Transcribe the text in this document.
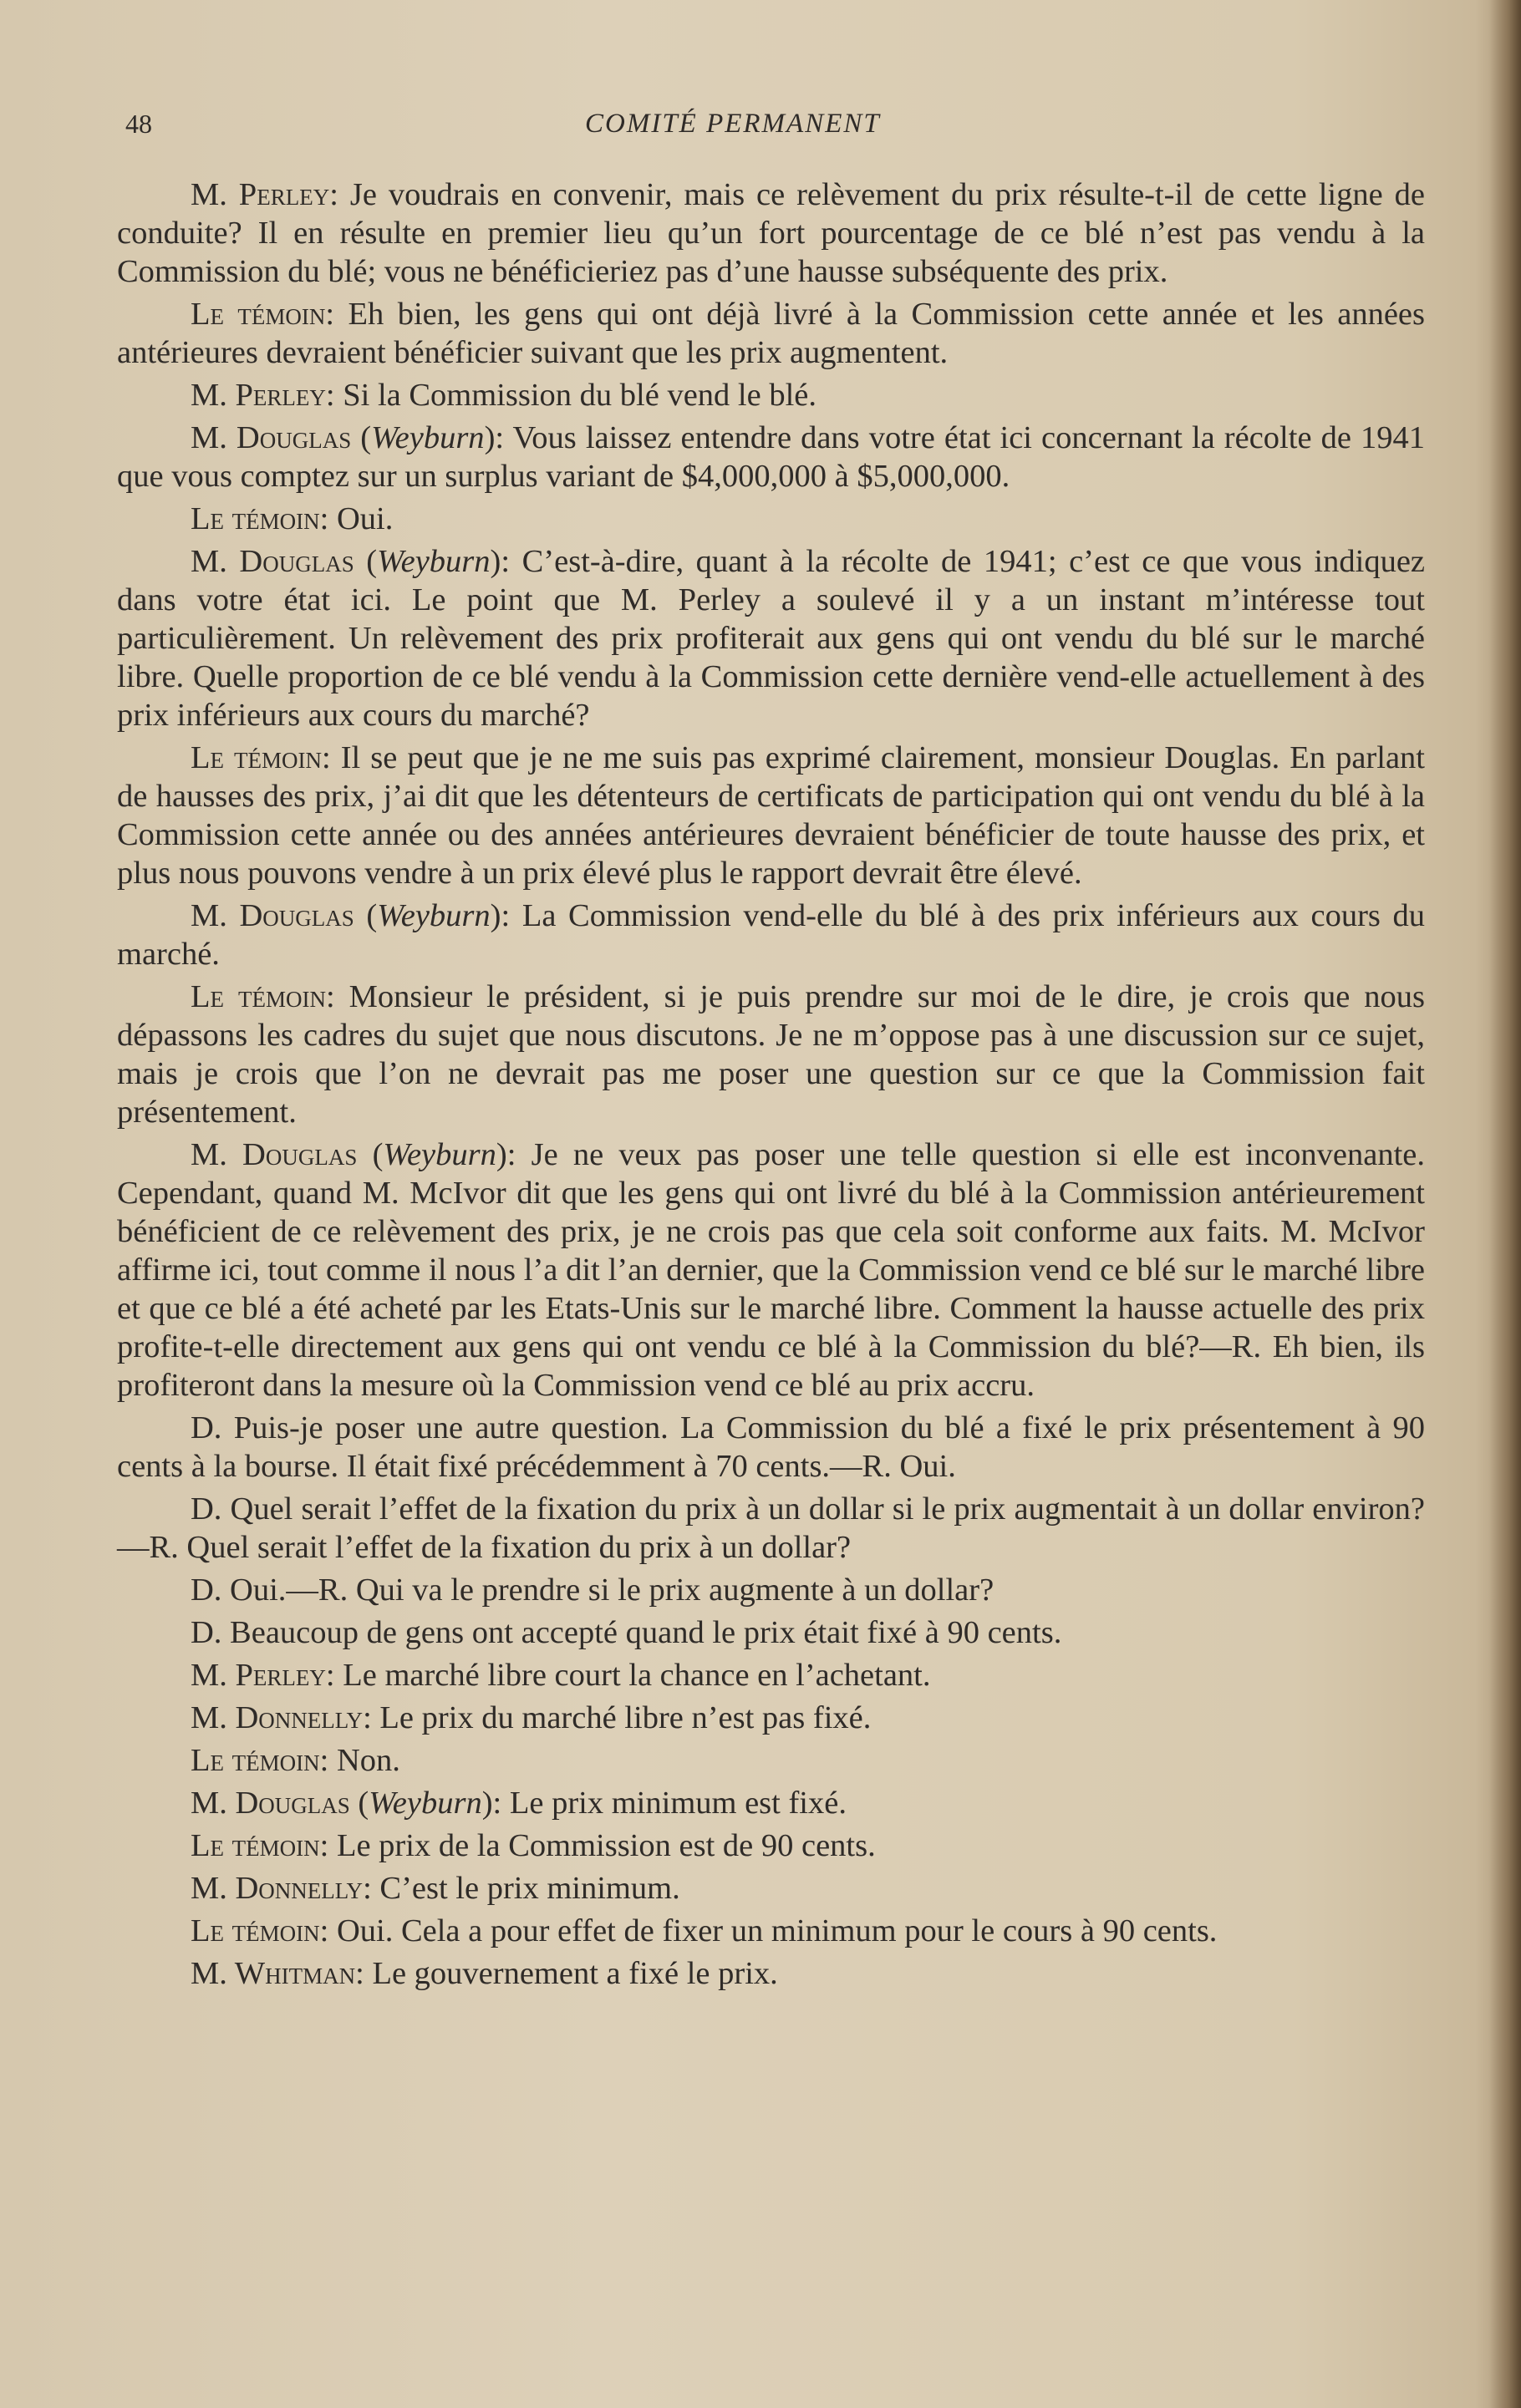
48	COMITÉ PERMANENT

M. Perley: Je voudrais en convenir, mais ce relèvement du prix résulte-t-il de cette ligne de conduite? Il en résulte en premier lieu qu’un fort pourcentage de ce blé n’est pas vendu à la Commission du blé; vous ne bénéficieriez pas d’une hausse subséquente des prix.

Le témoin: Eh bien, les gens qui ont déjà livré à la Commission cette année et les années antérieures devraient bénéficier suivant que les prix augmentent.

M. Perley: Si la Commission du blé vend le blé.

M. Douglas (Weyburn): Vous laissez entendre dans votre état ici concernant la récolte de 1941 que vous comptez sur un surplus variant de $4,000,000 à $5,000,000.

Le témoin: Oui.

M. Douglas (Weyburn): C’est-à-dire, quant à la récolte de 1941; c’est ce que vous indiquez dans votre état ici. Le point que M. Perley a soulevé il y a un instant m’intéresse tout particulièrement. Un relèvement des prix profiterait aux gens qui ont vendu du blé sur le marché libre. Quelle proportion de ce blé vendu à la Commission cette dernière vend-elle actuellement à des prix inférieurs aux cours du marché?

Le témoin: Il se peut que je ne me suis pas exprimé clairement, monsieur Douglas. En parlant de hausses des prix, j’ai dit que les détenteurs de certificats de participation qui ont vendu du blé à la Commission cette année ou des années antérieures devraient bénéficier de toute hausse des prix, et plus nous pouvons vendre à un prix élevé plus le rapport devrait être élevé.

M. Douglas (Weyburn): La Commission vend-elle du blé à des prix inférieurs aux cours du marché.

Le témoin: Monsieur le président, si je puis prendre sur moi de le dire, je crois que nous dépassons les cadres du sujet que nous discutons. Je ne m’oppose pas à une discussion sur ce sujet, mais je crois que l’on ne devrait pas me poser une question sur ce que la Commission fait présentement.

M. Douglas (Weyburn): Je ne veux pas poser une telle question si elle est inconvenante. Cependant, quand M. McIvor dit que les gens qui ont livré du blé à la Commission antérieurement bénéficient de ce relèvement des prix, je ne crois pas que cela soit conforme aux faits. M. McIvor affirme ici, tout comme il nous l’a dit l’an dernier, que la Commission vend ce blé sur le marché libre et que ce blé a été acheté par les Etats-Unis sur le marché libre. Comment la hausse actuelle des prix profite-t-elle directement aux gens qui ont vendu ce blé à la Commission du blé?—R. Eh bien, ils profiteront dans la mesure où la Commission vend ce blé au prix accru.

D. Puis-je poser une autre question. La Commission du blé a fixé le prix présentement à 90 cents à la bourse. Il était fixé précédemment à 70 cents.—R. Oui.

D. Quel serait l’effet de la fixation du prix à un dollar si le prix augmentait à un dollar environ?—R. Quel serait l’effet de la fixation du prix à un dollar?

D. Oui.—R. Qui va le prendre si le prix augmente à un dollar?

D. Beaucoup de gens ont accepté quand le prix était fixé à 90 cents.

M. Perley: Le marché libre court la chance en l’achetant.

M. Donnelly: Le prix du marché libre n’est pas fixé.

Le témoin: Non.

M. Douglas (Weyburn): Le prix minimum est fixé.

Le témoin: Le prix de la Commission est de 90 cents.

M. Donnelly: C’est le prix minimum.

Le témoin: Oui. Cela a pour effet de fixer un minimum pour le cours à 90 cents.

M. Whitman: Le gouvernement a fixé le prix.
